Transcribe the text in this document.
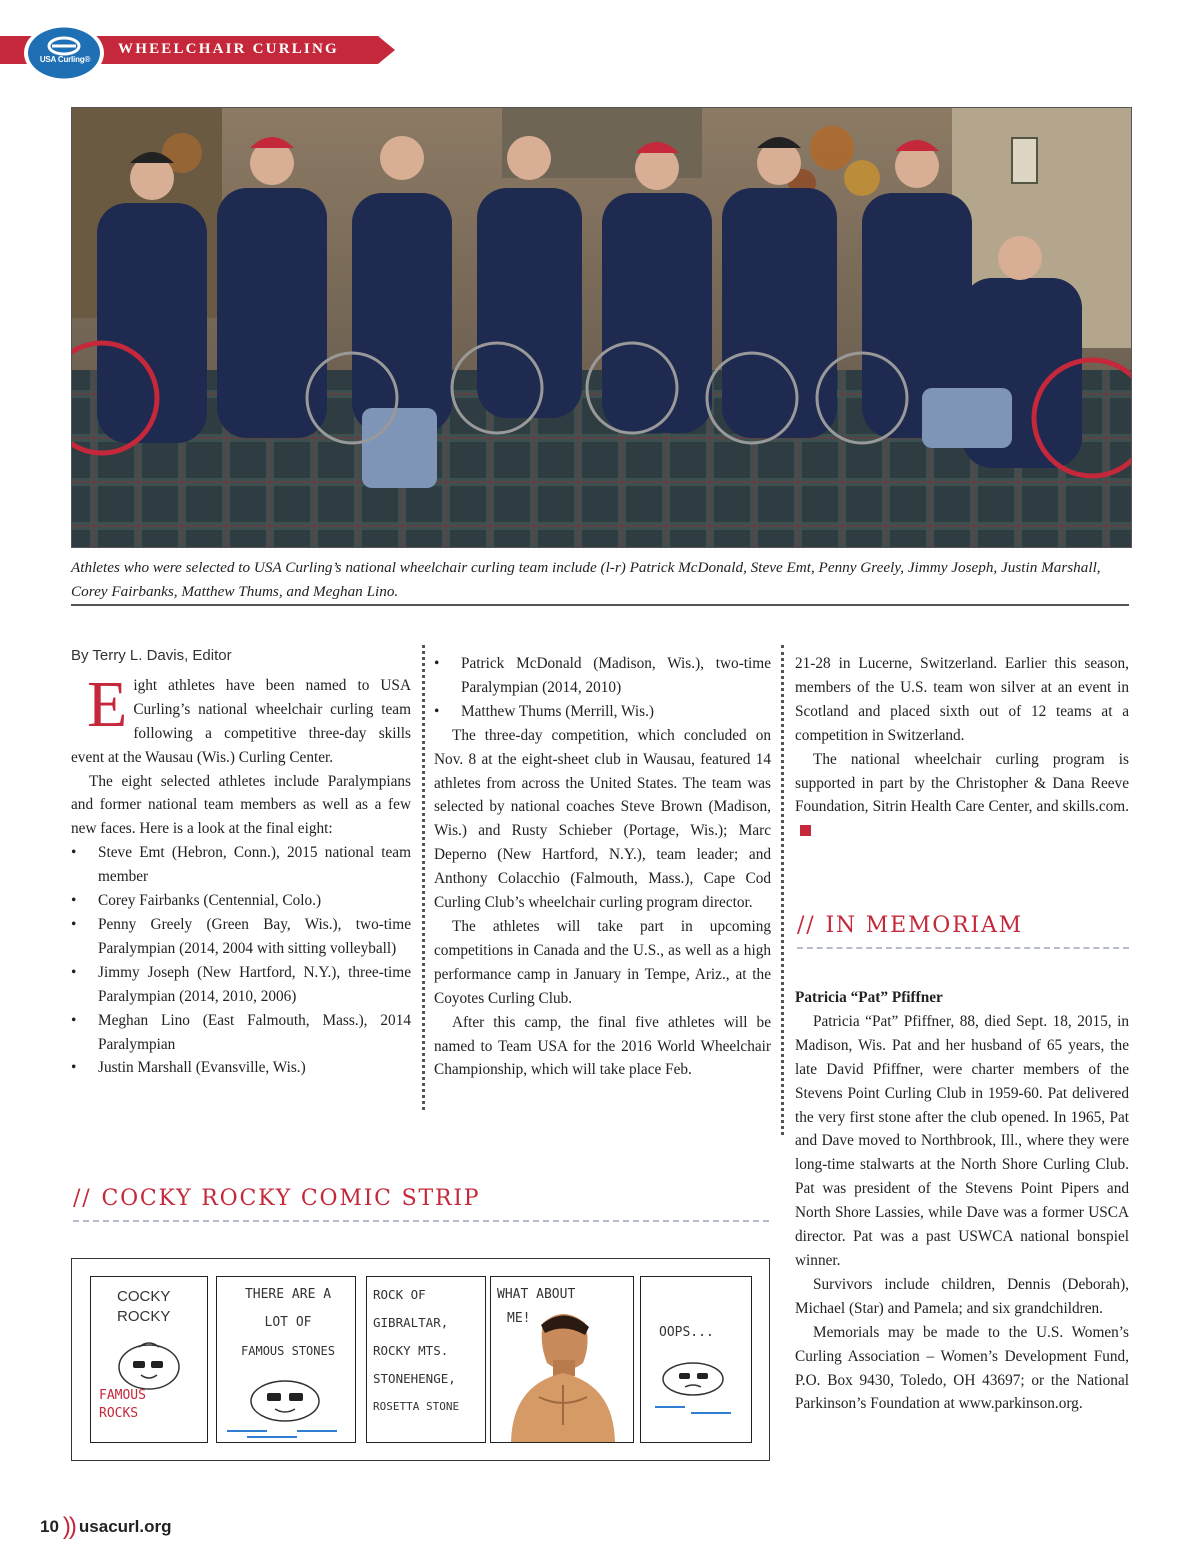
USA Curling®
WHEELCHAIR CURLING
Athletes who were selected to USA Curling’s national wheelchair curling team include (l-r) Patrick McDonald, Steve Emt, Penny Greely, Jimmy Joseph, Justin Marshall, Corey Fairbanks, Matthew Thums, and Meghan Lino.
By Terry L. Davis, Editor

Eight athletes have been named to USA Curling’s national wheelchair curling team following a competitive three-day skills event at the Wausau (Wis.) Curling Center.

The eight selected athletes include Paralympians and former national team members as well as a few new faces. Here is a look at the final eight:

• Steve Emt (Hebron, Conn.), 2015 national team member
• Corey Fairbanks (Centennial, Colo.)
• Penny Greely (Green Bay, Wis.), two-time Paralympian (2014, 2004 with sitting volleyball)
• Jimmy Joseph (New Hartford, N.Y.), three-time Paralympian (2014, 2010, 2006)
• Meghan Lino (East Falmouth, Mass.), 2014 Paralympian
• Justin Marshall (Evansville, Wis.)
• Patrick McDonald (Madison, Wis.), two-time Paralympian (2014, 2010)
• Matthew Thums (Merrill, Wis.)

The three-day competition, which concluded on Nov. 8 at the eight-sheet club in Wausau, featured 14 athletes from across the United States. The team was selected by national coaches Steve Brown (Madison, Wis.) and Rusty Schieber (Portage, Wis.); Marc Deperno (New Hartford, N.Y.), team leader; and Anthony Colacchio (Falmouth, Mass.), Cape Cod Curling Club’s wheelchair curling program director.

The athletes will take part in upcoming competitions in Canada and the U.S., as well as a high performance camp in January in Tempe, Ariz., at the Coyotes Curling Club.

After this camp, the final five athletes will be named to Team USA for the 2016 World Wheelchair Championship, which will take place Feb.

21-28 in Lucerne, Switzerland. Earlier this season, members of the U.S. team won silver at an event in Scotland and placed sixth out of 12 teams at a competition in Switzerland.

The national wheelchair curling program is supported in part by the Christopher & Dana Reeve Foundation, Sitrin Health Care Center, and skills.com.

// IN MEMORIAM

Patricia “Pat” Pfiffner

Patricia “Pat” Pfiffner, 88, died Sept. 18, 2015, in Madison, Wis. Pat and her husband of 65 years, the late David Pfiffner, were charter members of the Stevens Point Curling Club in 1959-60. Pat delivered the very first stone after the club opened. In 1965, Pat and Dave moved to Northbrook, Ill., where they were long-time stalwarts at the North Shore Curling Club. Pat was president of the Stevens Point Pipers and North Shore Lassies, while Dave was a former USCA director. Pat was a past USWCA national bonspiel winner.

Survivors include children, Dennis (Deborah), Michael (Star) and Pamela; and six grandchildren.

Memorials may be made to the U.S. Women’s Curling Association – Women’s Development Fund, P.O. Box 9430, Toledo, OH 43697; or the National Parkinson’s Foundation at www.parkinson.org.

// COCKY ROCKY COMIC STRIP
COCKY
ROCKY
FAMOUS
ROCKS
THERE ARE A
LOT OF
FAMOUS STONES
ROCK OF
GIBRALTAR,
ROCKY MTS.
STONEHENGE,
ROSETTA STONE
WHAT ABOUT
ME!
OOPS...
10 )) usacurl.org
